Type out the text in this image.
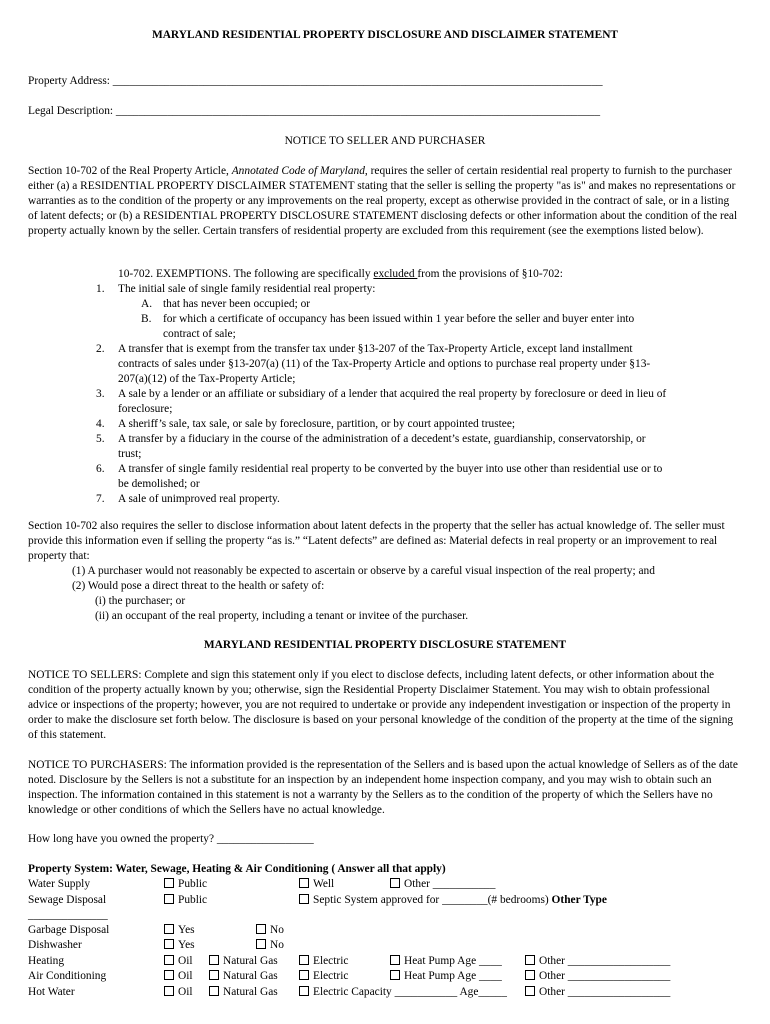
MARYLAND RESIDENTIAL PROPERTY DISCLOSURE AND DISCLAIMER STATEMENT
Property Address: ______________________________________________________________________________________
Legal Description: _____________________________________________________________________________________
NOTICE TO SELLER AND PURCHASER
Section 10-702 of the Real Property Article, Annotated Code of Maryland, requires the seller of certain residential real property to furnish to the purchaser either (a) a RESIDENTIAL PROPERTY DISCLAIMER STATEMENT stating that the seller is selling the property "as is" and makes no representations or warranties as to the condition of the property or any improvements on the real property, except as otherwise provided in the contract of sale, or in a listing of latent defects; or (b) a RESIDENTIAL PROPERTY DISCLOSURE STATEMENT disclosing defects or other information about the condition of the real property actually known by the seller. Certain transfers of residential property are excluded from this requirement (see the exemptions listed below).
10-702. EXEMPTIONS. The following are specifically excluded from the provisions of §10-702:
1. The initial sale of single family residential real property:
A. that has never been occupied; or
B. for which a certificate of occupancy has been issued within 1 year before the seller and buyer enter into
contract of sale;
2. A transfer that is exempt from the transfer tax under §13-207 of the Tax-Property Article, except land installment
contracts of sales under §13-207(a) (11) of the Tax-Property Article and options to purchase real property under §13-
207(a)(12) of the Tax-Property Article;
3. A sale by a lender or an affiliate or subsidiary of a lender that acquired the real property by foreclosure or deed in lieu of
foreclosure;
4. A sheriff’s sale, tax sale, or sale by foreclosure, partition, or by court appointed trustee;
5. A transfer by a fiduciary in the course of the administration of a decedent’s estate, guardianship, conservatorship, or
trust;
6. A transfer of single family residential real property to be converted by the buyer into use other than residential use or to
be demolished; or
7. A sale of unimproved real property.
Section 10-702 also requires the seller to disclose information about latent defects in the property that the seller has actual knowledge of. The seller must provide this information even if selling the property “as is.” “Latent defects” are defined as: Material defects in real property or an improvement to real property that:
(1) A purchaser would not reasonably be expected to ascertain or observe by a careful visual inspection of the real property; and
(2) Would pose a direct threat to the health or safety of:
(i) the purchaser; or
(ii) an occupant of the real property, including a tenant or invitee of the purchaser.
MARYLAND RESIDENTIAL PROPERTY DISCLOSURE STATEMENT
NOTICE TO SELLERS: Complete and sign this statement only if you elect to disclose defects, including latent defects, or other information about the condition of the property actually known by you; otherwise, sign the Residential Property Disclaimer Statement. You may wish to obtain professional advice or inspections of the property; however, you are not required to undertake or provide any independent investigation or inspection of the property in order to make the disclosure set forth below. The disclosure is based on your personal knowledge of the condition of the property at the time of the signing of this statement.
NOTICE TO PURCHASERS: The information provided is the representation of the Sellers and is based upon the actual knowledge of Sellers as of the date noted. Disclosure by the Sellers is not a substitute for an inspection by an independent home inspection company, and you may wish to obtain such an inspection. The information contained in this statement is not a warranty by the Sellers as to the condition of the property of which the Sellers have no knowledge or other conditions of which the Sellers have no actual knowledge.
How long have you owned the property? _________________
Property System: Water, Sewage, Heating & Air Conditioning ( Answer all that apply)
Water Supply	Public	Well	Other ___________
Sewage Disposal	Public	Septic System approved for ________(# bedrooms) Other Type
______________
Garbage Disposal	Yes	No
Dishwasher	Yes	No
Heating	Oil	Natural Gas	Electric	Heat Pump Age ____	Other __________________
Air Conditioning	Oil	Natural Gas	Electric	Heat Pump Age ____	Other __________________
Hot Water	Oil	Natural Gas	Electric Capacity ___________ Age_____	Other __________________
